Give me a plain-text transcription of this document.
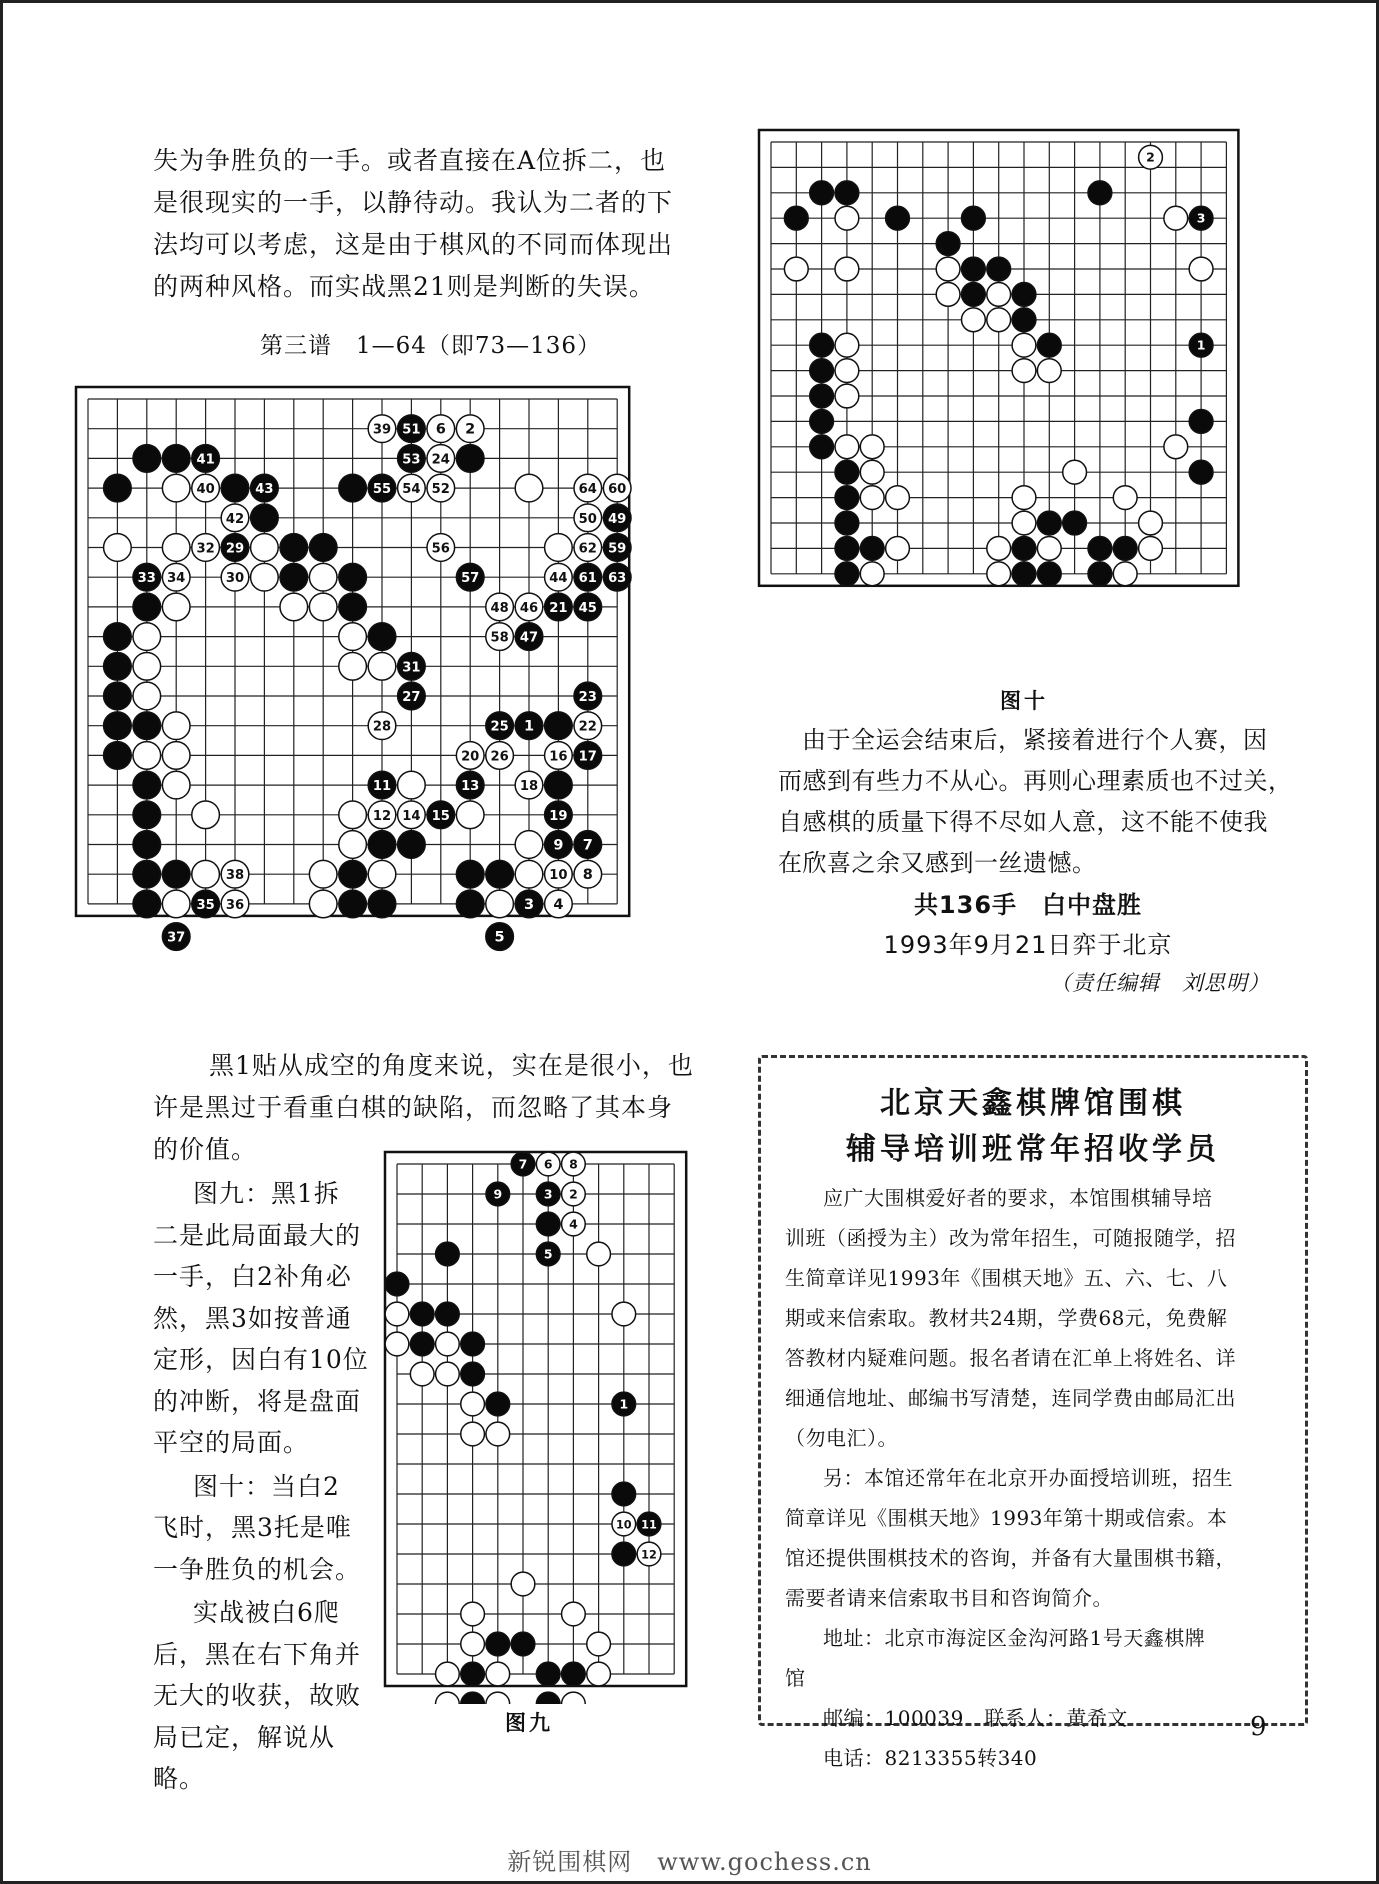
失为争胜负的一手。或者直接在A位拆二，也
是很现实的一手，以静待动。我认为二者的下
法均可以考虑，这是由于棋风的不同而体现出
的两种风格。而实战黑21则是判断的失误。
第三谱　1—64（即73—136）
41
39 51 6 2
53 24
40	43	55 54 52	64 60
42	50 49
32 29	56	62 59
33 34	30	57	44 61 63
48 46 21 45
58 47
31
27	23
28	25 1	22
20 26	16 17
11	13	18
12 14 15	19
9 7
38	10 8
35 36	3 4
37	5
黑1贴从成空的角度来说，实在是很小，也
许是黑过于看重白棋的缺陷，而忽略了其本身
的价值。
图九：黑1拆
二是此局面最大的
一手，白2补角必
然，黑3如按普通
定形，因白有10位
的冲断，将是盘面
平空的局面。
图十：当白2
飞时，黑3托是唯
一争胜负的机会。
实战被白6爬
后，黑在右下角并
无大的收获，故败
局已定，解说从略。
7 6 8
9	3 2
4
5
1
10 11
12
图九
2
3
1
图十
由于全运会结束后，紧接着进行个人赛，因
而感到有些力不从心。再则心理素质也不过关，
自感棋的质量下得不尽如人意，这不能不使我
在欣喜之余又感到一丝遗憾。
共136手　白中盘胜
1993年9月21日弈于北京
（责任编辑　刘思明）
北京天鑫棋牌馆围棋
辅导培训班常年招收学员
应广大围棋爱好者的要求，本馆围棋辅导培
训班（函授为主）改为常年招生，可随报随学，招
生简章详见1993年《围棋天地》五、六、七、八
期或来信索取。教材共24期，学费68元，免费解
答教材内疑难问题。报名者请在汇单上将姓名、详
细通信地址、邮编书写清楚，连同学费由邮局汇出
（勿电汇）。
另：本馆还常年在北京开办面授培训班，招生
简章详见《围棋天地》1993年第十期或信索。本
馆还提供围棋技术的咨询，并备有大量围棋书籍，
需要者请来信索取书目和咨询简介。
地址：北京市海淀区金沟河路1号天鑫棋牌
馆
邮编：100039　联系人：黄希文
电话：8213355转340
9
新锐围棋网　www.gochess.cn
